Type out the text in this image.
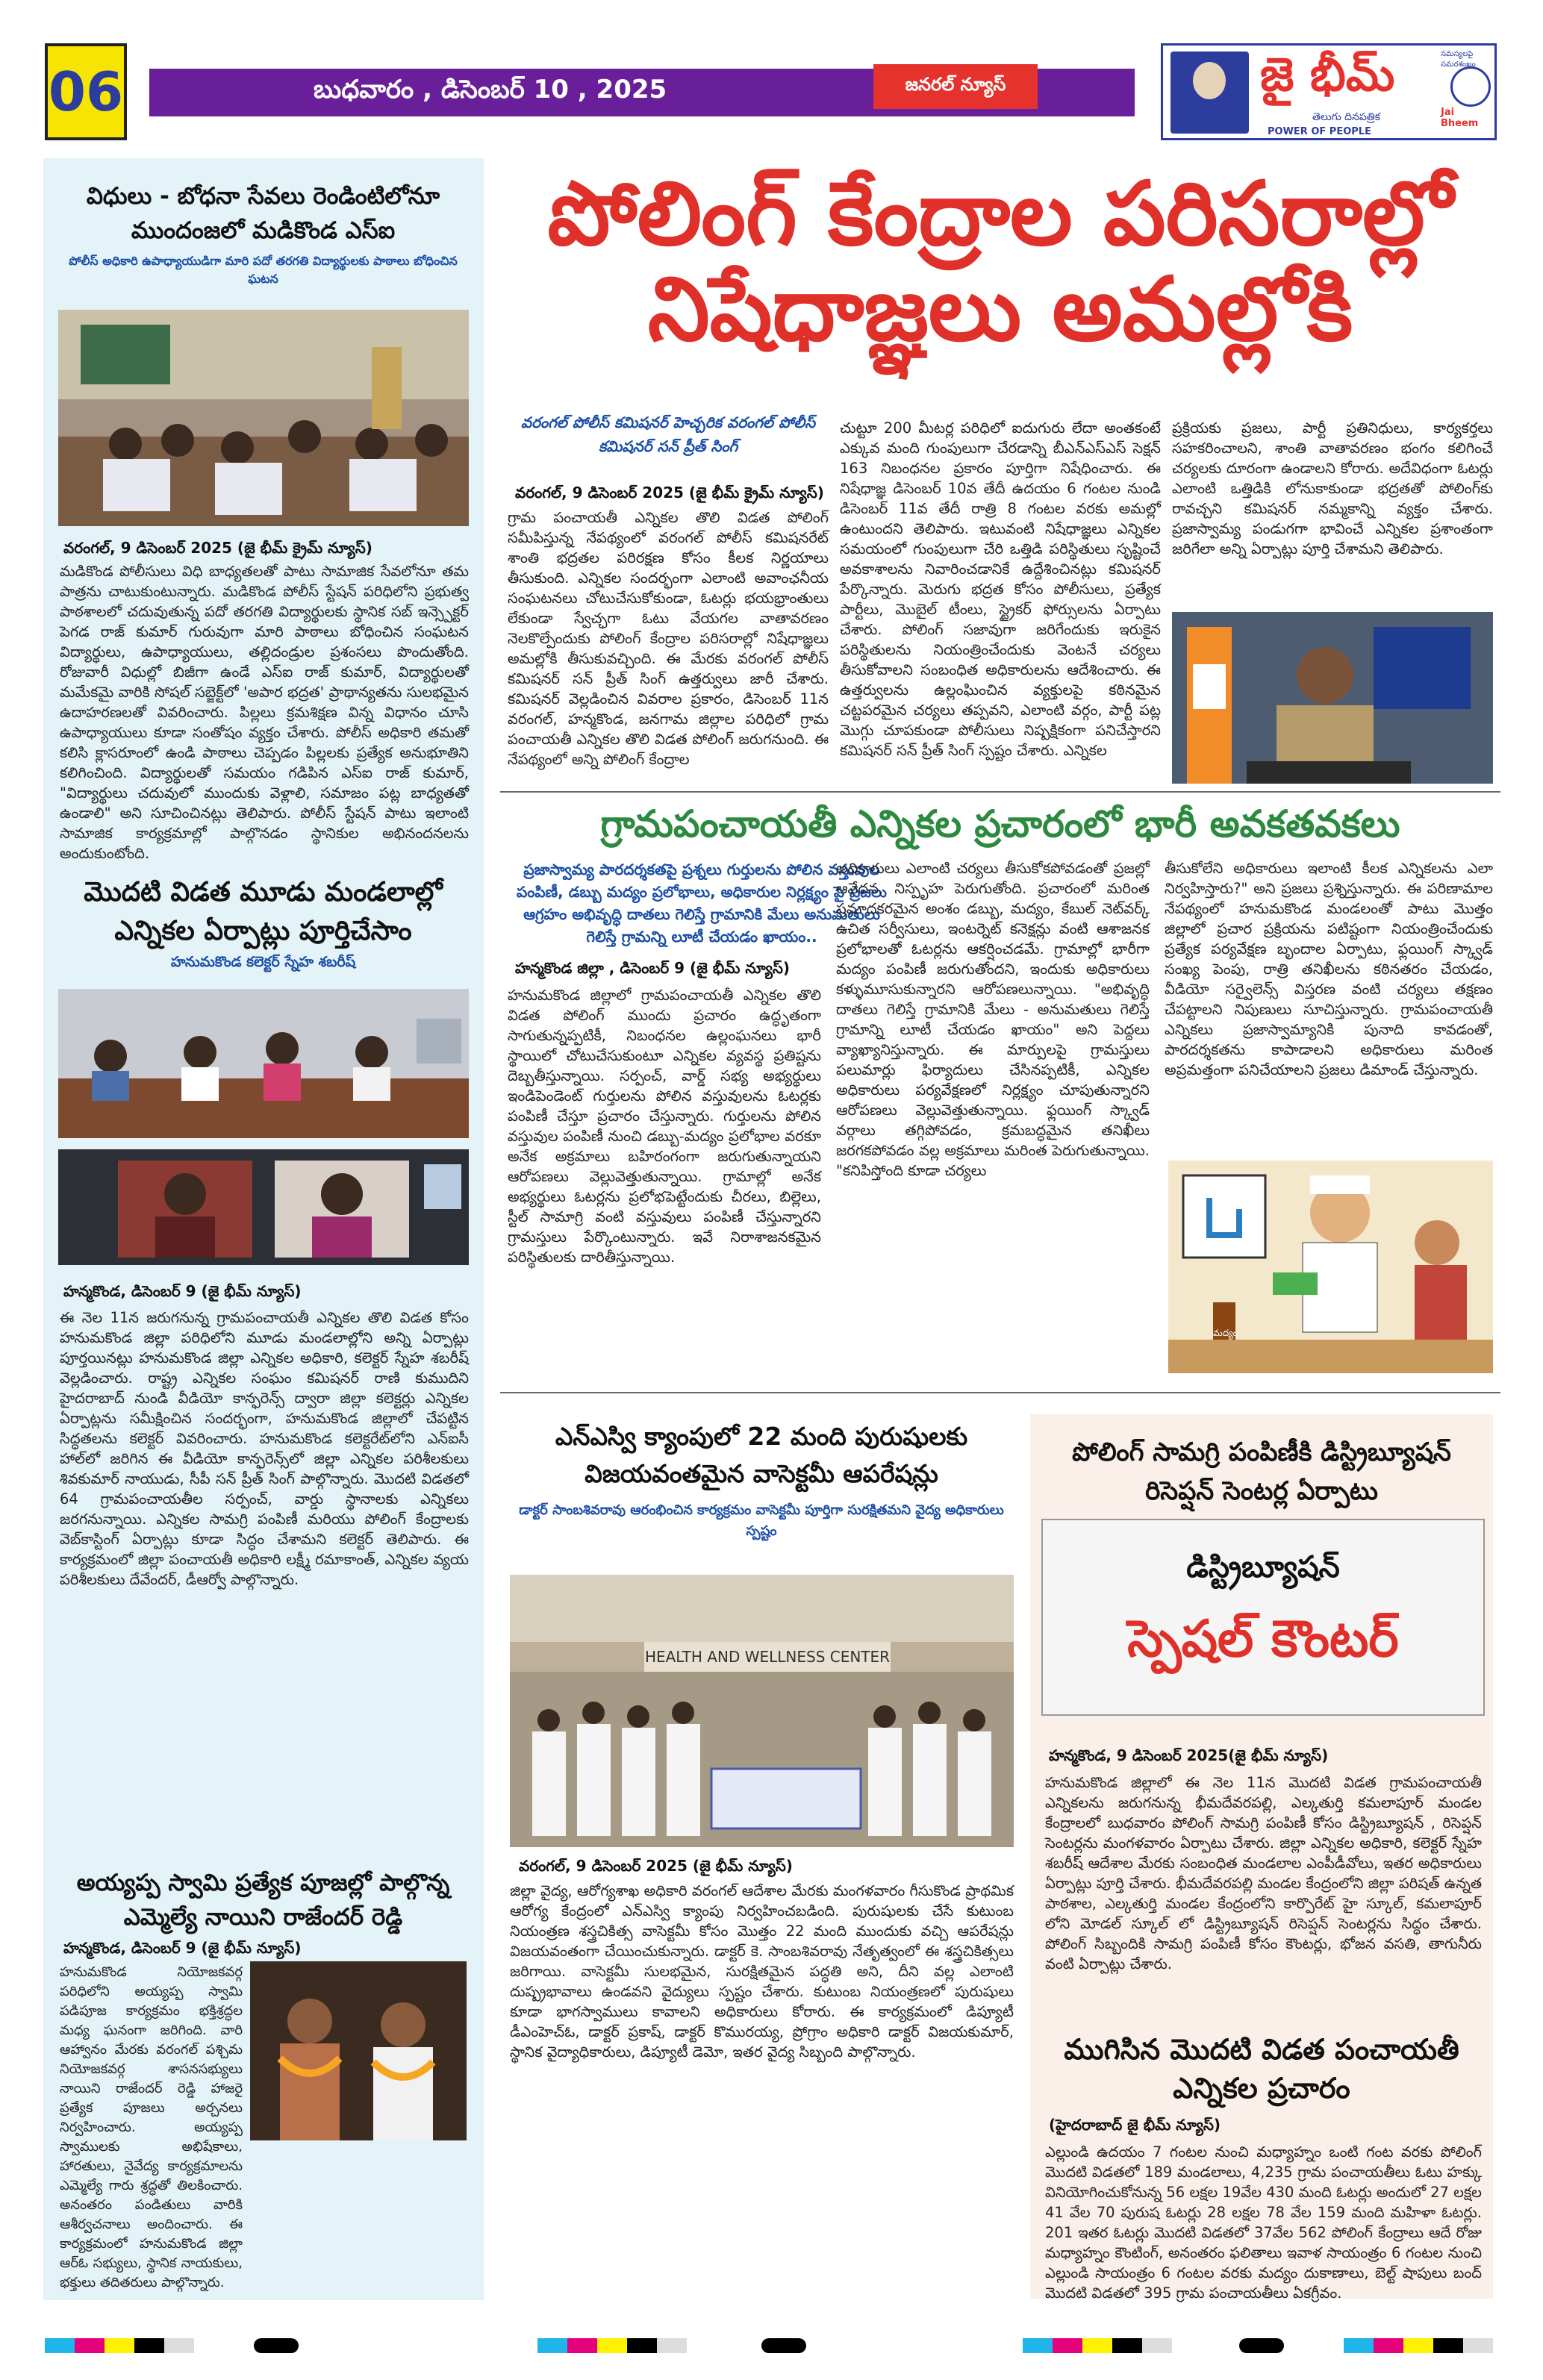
06	బుధవారం , డిసెంబర్ 10 , 2025	జనరల్ న్యూస్	జై భీమ్
తెలుగు దినపత్రిక
POWER OF PEOPLE
సమస్యలపై సమరశంఖం
Jai Bheem
విధులు - బోధనా సేవలు రెండింటిలోనూ ముందంజలో మడికొండ ఎస్ఐ
పోలీస్ అధికారి ఉపాధ్యాయుడిగా మారి పదో తరగతి విద్యార్థులకు పాఠాలు బోధించిన ఘటన
వరంగల్, 9 డిసెంబర్ 2025 (జై భీమ్ క్రైమ్ న్యూస్)
మడికొండ పోలీసులు విధి బాధ్యతలతో పాటు సామాజిక సేవలోనూ తమ పాత్రను చాటుకుంటున్నారు. మడికొండ పోలీస్ స్టేషన్ పరిధిలోని ప్రభుత్వ పాఠశాలలో చదువుతున్న పదో తరగతి విద్యార్థులకు స్థానిక సబ్ ఇన్స్పెక్టర్ పెగడ రాజ్ కుమార్ గురువుగా మారి పాఠాలు బోధించిన సంఘటన విద్యార్థులు, ఉపాధ్యాయులు, తల్లిదండ్రుల ప్రశంసలు పొందుతోంది. రోజువారీ విధుల్లో బిజీగా ఉండే ఎస్ఐ రాజ్ కుమార్, విద్యార్థులతో మమేకమై వారికి సోషల్ సబ్జెక్ట్‌లో 'అపార భద్రత' ప్రాథాన్యతను సులభమైన ఉదాహరణలతో వివరించారు. పిల్లలు క్రమశిక్షణ విన్న విధానం చూసి ఉపాధ్యాయులు కూడా సంతోషం వ్యక్తం చేశారు. పోలీస్ అధికారి తమతో కలిసి క్లాసరూంలో ఉండి పాఠాలు చెప్పడం పిల్లలకు ప్రత్యేక అనుభూతిని కలిగించింది. విద్యార్థులతో సమయం గడిపిన ఎస్ఐ రాజ్ కుమార్, "విద్యార్థులు చదువులో ముందుకు వెళ్లాలి, సమాజం పట్ల బాధ్యతతో ఉండాలి" అని సూచించినట్లు తెలిపారు. పోలీస్ స్టేషన్ పాటు ఇలాంటి సామాజిక కార్యక్రమాల్లో పాల్గొనడం స్థానికుల అభినందనలను అందుకుంటోంది.
మొదటి విడత మూడు మండలాల్లో ఎన్నికల ఏర్పాట్లు పూర్తిచేసాం
హనుమకొండ కలెక్టర్ స్నేహ శబరీష్
హన్మకొండ, డిసెంబర్ 9 (జై భీమ్ న్యూస్)
ఈ నెల 11న జరుగనున్న గ్రామపంచాయతీ ఎన్నికల తొలి విడత కోసం హనుమకొండ జిల్లా పరిధిలోని మూడు మండలాల్లోని అన్ని ఏర్పాట్లు పూర్తయినట్లు హనుమకొండ జిల్లా ఎన్నికల అధికారి, కలెక్టర్ స్నేహ శబరీష్ వెల్లడించారు. రాష్ట్ర ఎన్నికల సంఘం కమిషనర్ రాణి కుముదిని హైదరాబాద్ నుండి వీడియో కాన్ఫరెన్స్ ద్వారా జిల్లా కలెక్టర్లు ఎన్నికల ఏర్పాట్లను సమీక్షించిన సందర్భంగా, హనుమకొండ జిల్లాలో చేపట్టిన సిద్ధతలను కలెక్టర్ వివరించారు. హనుమకొండ కలెక్టరేట్‌లోని ఎన్ఐసీ హాల్‌లో జరిగిన ఈ వీడియో కాన్ఫరెన్స్‌లో జిల్లా ఎన్నికల పరిశీలకులు శివకుమార్ నాయుడు, సీపీ సన్ ప్రీత్ సింగ్ పాల్గొన్నారు. మొదటి విడతలో 64 గ్రామపంచాయతీల సర్పంచ్, వార్డు స్థానాలకు ఎన్నికలు జరగనున్నాయి. ఎన్నికల సామగ్రి పంపిణీ మరియు పోలింగ్ కేంద్రాలకు వెబ్‌కాస్టింగ్ ఏర్పాట్లు కూడా సిద్ధం చేశామని కలెక్టర్ తెలిపారు. ఈ కార్యక్రమంలో జిల్లా పంచాయతీ అధికారి లక్ష్మీ రమాకాంత్, ఎన్నికల వ్యయ పరిశీలకులు దేవేందర్, డీఆర్వో పాల్గొన్నారు.
అయ్యప్ప స్వామి ప్రత్యేక పూజల్లో పాల్గొన్న ఎమ్మెల్యే నాయిని రాజేందర్ రెడ్డి
హన్మకొండ, డిసెంబర్ 9 (జై భీమ్ న్యూస్)
హనుమకొండ నియోజకవర్గ పరిధిలోని అయ్యప్ప స్వామి పడిపూజ కార్యక్రమం భక్తిశ్రద్ధల మధ్య ఘనంగా జరిగింది. వారి ఆహ్వానం మేరకు వరంగల్ పశ్చిమ నియోజకవర్గ శాసనసభ్యులు నాయిని రాజేందర్ రెడ్డి హాజరై ప్రత్యేక పూజలు అర్చనలు నిర్వహించారు. అయ్యప్ప స్వాములకు అభిషేకాలు, హారతులు, నైవేద్య కార్యక్రమాలను ఎమ్మెల్యే గారు శ్రద్ధతో తిలకించారు. అనంతరం పండితులు వారికి ఆశీర్వచనాలు అందించారు. ఈ కార్యక్రమంలో హనుమకొండ జిల్లా ఆర్ఓ సభ్యులు, స్థానిక నాయకులు, భక్తులు తదితరులు పాల్గొన్నారు.
పోలింగ్ కేంద్రాల పరిసరాల్లో నిషేధాజ్ఞలు అమల్లోకి
వరంగల్ పోలీస్ కమిషనర్ హెచ్చరిక వరంగల్ పోలీస్ కమిషనర్ సన్ ప్రీత్ సింగ్
వరంగల్, 9 డిసెంబర్ 2025 (జై భీమ్ క్రైమ్ న్యూస్)
గ్రామ పంచాయతీ ఎన్నికల తొలి విడత పోలింగ్ సమీపిస్తున్న నేపథ్యంలో వరంగల్ పోలీస్ కమిషనరేట్ శాంతి భద్రతల పరిరక్షణ కోసం కీలక నిర్ణయాలు తీసుకుంది. ఎన్నికల సందర్భంగా ఎలాంటి అవాంఛనీయ సంఘటనలు చోటుచేసుకోకుండా, ఓటర్లు భయభ్రాంతులు లేకుండా స్వేచ్ఛగా ఓటు వేయగల వాతావరణం నెలకొల్పేందుకు పోలింగ్ కేంద్రాల పరిసరాల్లో నిషేధాజ్ఞలు అమల్లోకి తీసుకువచ్చింది. ఈ మేరకు వరంగల్ పోలీస్ కమిషనర్ సన్ ప్రీత్ సింగ్ ఉత్తర్వులు జారీ చేశారు. కమిషనర్ వెల్లడించిన వివరాల ప్రకారం, డిసెంబర్ 11న వరంగల్, హన్మకొండ, జనగామ జిల్లాల పరిధిలో గ్రామ పంచాయతీ ఎన్నికల తొలి విడత పోలింగ్ జరుగనుంది. ఈ నేపథ్యంలో అన్ని పోలింగ్ కేంద్రాల
చుట్టూ 200 మీటర్ల పరిధిలో ఐదుగురు లేదా అంతకంటే ఎక్కువ మంది గుంపులుగా చేరడాన్ని బీఎన్ఎస్ఎస్ సెక్షన్ 163 నిబంధనల ప్రకారం పూర్తిగా నిషేధించారు. ఈ నిషేధాజ్ఞ డిసెంబర్ 10వ తేదీ ఉదయం 6 గంటల నుండి డిసెంబర్ 11వ తేదీ రాత్రి 8 గంటల వరకు అమల్లో ఉంటుందని తెలిపారు. ఇటువంటి నిషేధాజ్ఞలు ఎన్నికల సమయంలో గుంపులుగా చేరి ఒత్తిడి పరిస్థితులు సృష్టించే అవకాశాలను నివారించడానికే ఉద్దేశించినట్లు కమిషనర్ పేర్కొన్నారు. మెరుగు భద్రత కోసం పోలీసులు, ప్రత్యేక పార్టీలు, మొబైల్ టీంలు, స్ట్రైకర్ ఫోర్సులను ఏర్పాటు చేశారు. పోలింగ్ సజావుగా జరిగేందుకు ఇరుకైన పరిస్థితులను నియంత్రించేందుకు వెంటనే చర్యలు తీసుకోవాలని సంబంధిత అధికారులను ఆదేశించారు. ఈ ఉత్తర్వులను ఉల్లంఘించిన వ్యక్తులపై కఠినమైన చట్టపరమైన చర్యలు తప్పవని, ఎలాంటి వర్గం, పార్టీ పట్ల మొగ్గు చూపకుండా పోలీసులు నిష్పక్షికంగా పనిచేస్తారని కమిషనర్ సన్ ప్రీత్ సింగ్ స్పష్టం చేశారు. ఎన్నికల
ప్రక్రియకు ప్రజలు, పార్టీ ప్రతినిధులు, కార్యకర్తలు సహకరించాలని, శాంతి వాతావరణం భంగం కలిగించే చర్యలకు దూరంగా ఉండాలని కోరారు. అదేవిధంగా ఓటర్లు ఎలాంటి ఒత్తిడికి లోనుకాకుండా భద్రతతో పోలింగ్‌కు రావచ్చని కమిషనర్ నమ్మకాన్ని వ్యక్తం చేశారు. ప్రజాస్వామ్య పండుగగా భావించే ఎన్నికల ప్రశాంతంగా జరిగేలా అన్ని ఏర్పాట్లు పూర్తి చేశామని తెలిపారు.
గ్రామపంచాయతీ ఎన్నికల ప్రచారంలో భారీ అవకతవకలు
ప్రజాస్వామ్య పారదర్శకతపై ప్రశ్నలు గుర్తులను పోలిన వస్తువుల పంపిణీ, డబ్బు మద్యం ప్రలోభాలు, అధికారుల నిర్లక్ష్యం పై ప్రజలు ఆగ్రహం అభివృద్ధి దాతలు గెలిస్తే గ్రామానికి మేలు అనుమతులు గెలిస్తే గ్రామన్ని లూటీ చేయడం ఖాయం..
హన్మకొండ జిల్లా , డిసెంబర్ 9 (జై భీమ్ న్యూస్)
హనుమకొండ జిల్లాలో గ్రామపంచాయతీ ఎన్నికల తొలి విడత పోలింగ్ ముందు ప్రచారం ఉద్ధృతంగా సాగుతున్నప్పటికీ, నిబంధనల ఉల్లంఘనలు భారీ స్థాయిలో చోటుచేసుకుంటూ ఎన్నికల వ్యవస్థ ప్రతిష్టను దెబ్బతీస్తున్నాయి. సర్పంచ్, వార్డ్ సభ్య అభ్యర్థులు ఇండిపెండెంట్ గుర్తులను పోలిన వస్తువులను ఓటర్లకు పంపిణీ చేస్తూ ప్రచారం చేస్తున్నారు. గుర్తులను పోలిన వస్తువుల పంపిణీ నుంచి డబ్బు-మద్యం ప్రలోభాల వరకూ అనేక అక్రమాలు బహిరంగంగా జరుగుతున్నాయని ఆరోపణలు వెల్లువెత్తుతున్నాయి. గ్రామాల్లో అనేక అభ్యర్థులు ఓటర్లను ప్రలోభపెట్టేందుకు చీరలు, బిల్లెలు, స్టీల్ సామాగ్రి వంటి వస్తువులు పంపిణీ చేస్తున్నారని గ్రామస్తులు పేర్కొంటున్నారు. ఇవే నిరాశాజనకమైన పరిస్థితులకు దారితీస్తున్నాయి.
అధికారులు ఎలాంటి చర్యలు తీసుకోకపోవడంతో ప్రజల్లో ఆవేదన, నిస్పృహ పెరుగుతోంది. ప్రచారంలో మరింత ప్రమాదకరమైన అంశం డబ్బు, మద్యం, కేబుల్ నెట్‌వర్క్ ఉచిత సర్వీసులు, ఇంటర్నెట్ కనెక్షన్లు వంటి ఆశాజనక ప్రలోభాలతో ఓటర్లను ఆకర్షించడమే. గ్రామాల్లో భారీగా మద్యం పంపిణీ జరుగుతోందని, ఇందుకు అధికారులు కళ్ళుమూసుకున్నారని ఆరోపణలున్నాయి. "అభివృద్ధి దాతలు గెలిస్తే గ్రామానికి మేలు - అనుమతులు గెలిస్తే గ్రామాన్ని లూటీ చేయడం ఖాయం" అని పెద్దలు వ్యాఖ్యానిస్తున్నారు. ఈ మార్పులపై గ్రామస్తులు పలుమార్లు ఫిర్యాదులు చేసినప్పటికీ, ఎన్నికల అధికారులు పర్యవేక్షణలో నిర్లక్ష్యం చూపుతున్నారని ఆరోపణలు వెల్లువెత్తుతున్నాయి. ఫ్లయింగ్ స్క్వాడ్ వర్గాలు తగ్గిపోవడం, క్రమబద్ధమైన తనిఖీలు జరగకపోవడం వల్ల అక్రమాలు మరింత పెరుగుతున్నాయి. "కనిపిస్తోంది కూడా చర్యలు
తీసుకోలేని అధికారులు ఇలాంటి కీలక ఎన్నికలను ఎలా నిర్వహిస్తారు?" అని ప్రజలు ప్రశ్నిస్తున్నారు. ఈ పరిణామాల నేపథ్యంలో హనుమకొండ మండలంతో పాటు మొత్తం జిల్లాలో ప్రచార ప్రక్రియను పటిష్టంగా నియంత్రించేందుకు ప్రత్యేక పర్యవేక్షణ బృందాల ఏర్పాటు, ఫ్లయింగ్ స్క్వాడ్ సంఖ్య పెంపు, రాత్రి తనిఖీలను కఠినతరం చేయడం, వీడియో సర్వైలెన్స్ విస్తరణ వంటి చర్యలు తక్షణం చేపట్టాలని నిపుణులు సూచిస్తున్నారు. గ్రామపంచాయతీ ఎన్నికలు ప్రజాస్వామ్యానికి పునాది కావడంతో, పారదర్శకతను కాపాడాలని అధికారులు మరింత అప్రమత్తంగా పనిచేయాలని ప్రజలు డిమాండ్ చేస్తున్నారు.
మద్యం
ఎన్ఎస్వి క్యాంపులో 22 మంది పురుషులకు విజయవంతమైన వాసెక్టమీ ఆపరేషన్లు
డాక్టర్ సాంబశివరావు ఆరంభించిన కార్యక్రమం వాసెక్టమీ పూర్తిగా సురక్షితమని వైద్య అధికారులు స్పష్టం
HEALTH AND WELLNESS CENTER
వరంగల్, 9 డిసెంబర్ 2025 (జై భీమ్ న్యూస్)
జిల్లా వైద్య, ఆరోగ్యశాఖ అధికారి వరంగల్ ఆదేశాల మేరకు మంగళవారం గీసుకొండ ప్రాథమిక ఆరోగ్య కేంద్రంలో ఎన్ఎస్వి క్యాంపు నిర్వహించబడింది. పురుషులకు చేసే కుటుంబ నియంత్రణ శస్త్రచికిత్స వాసెక్టమీ కోసం మొత్తం 22 మంది ముందుకు వచ్చి ఆపరేషన్లు విజయవంతంగా చేయించుకున్నారు. డాక్టర్ కె. సాంబశివరావు నేతృత్వంలో ఈ శస్త్రచికిత్సలు జరిగాయి. వాసెక్టమీ సులభమైన, సురక్షితమైన పద్ధతి అని, దీని వల్ల ఎలాంటి దుష్ప్రభావాలు ఉండవని వైద్యులు స్పష్టం చేశారు. కుటుంబ నియంత్రణలో పురుషులు కూడా భాగస్వాములు కావాలని అధికారులు కోరారు. ఈ కార్యక్రమంలో డిప్యూటీ డీఎంహెచ్ఓ, డాక్టర్ ప్రకాష్, డాక్టర్ కొమురయ్య, ప్రోగ్రాం అధికారి డాక్టర్ విజయకుమార్, స్థానిక వైద్యాధికారులు, డిప్యూటీ డెమో, ఇతర వైద్య సిబ్బంది పాల్గొన్నారు.
పోలింగ్ సామగ్రి పంపిణీకి డిస్ట్రిబ్యూషన్ రిసెప్షన్ సెంటర్ల ఏర్పాటు
డిస్ట్రిబ్యూషన్
స్పెషల్ కౌంటర్
హన్మకొండ, 9 డిసెంబర్ 2025(జై భీమ్ న్యూస్)
హనుమకొండ జిల్లాలో ఈ నెల 11న మొదటి విడత గ్రామపంచాయతీ ఎన్నికలను జరుగనున్న భీమదేవరపల్లి, ఎల్కతుర్తి కమలాపూర్ మండల కేంద్రాలలో బుధవారం పోలింగ్ సామగ్రి పంపిణీ కోసం డిస్ట్రిబ్యూషన్ , రిసెప్షన్ సెంటర్లను మంగళవారం ఏర్పాటు చేశారు. జిల్లా ఎన్నికల అధికారి, కలెక్టర్ స్నేహ శబరీష్ ఆదేశాల మేరకు సంబంధిత మండలాల ఎంపీడీవోలు, ఇతర అధికారులు ఏర్పాట్లు పూర్తి చేశారు. భీమదేవరపల్లి మండల కేంద్రంలోని జిల్లా పరిషత్ ఉన్నత పాఠశాల, ఎల్కతుర్తి మండల కేంద్రంలోని కార్పొరేట్ హై స్కూల్, కమలాపూర్ లోని మోడల్ స్కూల్ లో డిస్ట్రిబ్యూషన్ రిసెప్షన్ సెంటర్లను సిద్ధం చేశారు. పోలింగ్ సిబ్బందికి సామగ్రి పంపిణీ కోసం కౌంటర్లు, భోజన వసతి, తాగునీరు వంటి ఏర్పాట్లు చేశారు.
ముగిసిన మొదటి విడత పంచాయతీ ఎన్నికల ప్రచారం
(హైదరాబాద్ జై భీమ్ న్యూస్)
ఎల్లుండి ఉదయం 7 గంటల నుంచి మధ్యాహ్నం ఒంటి గంట వరకు పోలింగ్ మొదటి విడతలో 189 మండలాలు, 4,235 గ్రామ పంచాయతీలు ఓటు హక్కు వినియోగించుకోనున్న 56 లక్షల 19వేల 430 మంది ఓటర్లు అందులో 27 లక్షల 41 వేల 70 పురుష ఓటర్లు 28 లక్షల 78 వేల 159 మంది మహిళా ఓటర్లు. 201 ఇతర ఓటర్లు మొదటి విడతలో 37వేల 562 పోలింగ్ కేంద్రాలు ఆదే రోజు మధ్యాహ్నం కౌంటింగ్, అనంతరం ఫలితాలు ఇవాళ సాయంత్రం 6 గంటల నుంచి ఎల్లుండి సాయంత్రం 6 గంటల వరకు మద్యం దుకాణాలు, బెల్ట్ షాపులు బంద్ మొదటి విడతలో 395 గ్రామ పంచాయతీలు ఏకగ్రీవం.
